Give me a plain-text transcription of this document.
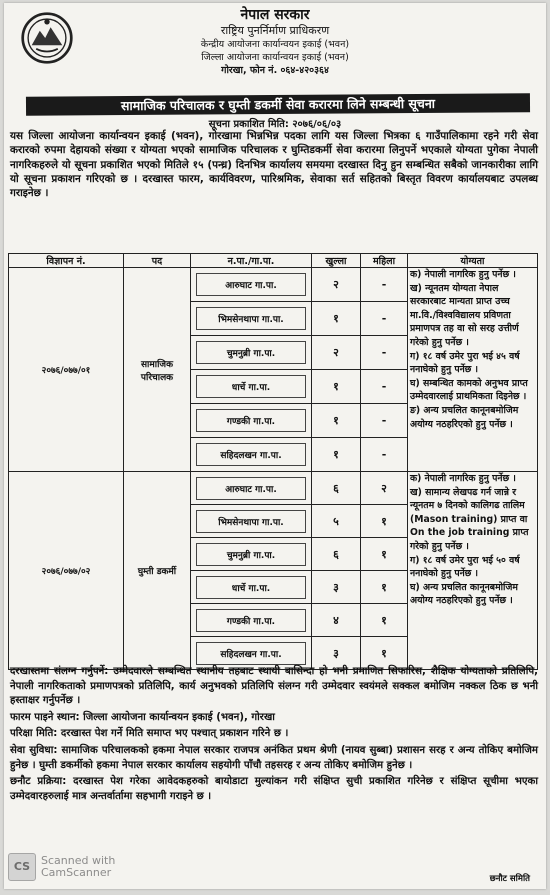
नेपाल सरकार
राष्ट्रिय पुनर्निर्माण प्राधिकरण
केन्द्रीय आयोजना कार्यान्वयन इकाई (भवन)
जिल्ला आयोजना कार्यान्वयन इकाई (भवन)
गोरखा, फोन नं. ०६४-४२०३६४
सामाजिक परिचालक र घुम्ती डकर्मी सेवा करारमा लिने सम्बन्धी सूचना
सूचना प्रकाशित मिति: २०७६/०६/०३
यस जिल्ला आयोजना कार्यान्वयन इकाई (भवन), गोरखामा भिन्नभिन्न पदका लागि यस जिल्ला भित्रका ६ गाउँपालिकामा रहने गरी सेवा करारको रुपमा देहायको संख्या र योग्यता भएको सामाजिक परिचालक र घुम्तिडकर्मी सेवा करारमा लिनुपर्ने भएकाले योग्यता पुगेका नेपाली नागरिकहरुले यो सूचना प्रकाशित भएको मितिले १५ (पन्ध्र) दिनभित्र कार्यालय समयमा दरखास्त दिनु हुन सम्बन्धित सबैको जानकारीका लागि यो सूचना प्रकाशन गरिएको छ । दरखास्त फारम, कार्यविवरण, पारिश्रमिक, सेवाका सर्त सहितको बिस्तृत विवरण कार्यालयबाट उपलब्ध गराइनेछ ।
विज्ञापन नं.	पद	न.पा./गा.पा.	खुल्ला	महिला	योग्यता
२०७६/०७७/०१	सामाजिक परिचालक	आरुघाट गा.पा.	२	-	क) नेपाली नागरिक हुनु पर्नेछ ।

ख) न्यूनतम योग्यता नेपाल सरकारबाट मान्यता प्राप्त उच्च मा.वि./विश्वविद्यालय प्रविणता प्रमाणपत्र तह वा सो सरह उत्तीर्ण गरेको हुनु पर्नेछ ।

ग) १८ वर्ष उमेर पुरा भई ४५ वर्ष ननाघेको हुनु पर्नेछ ।

घ) सम्बन्धित कामको अनुभव प्राप्त उम्मेदवारलाई प्राथमिकता दिइनेछ ।

ङ) अन्य प्रचलित कानूनबमोजिम अयोग्य नठहरिएको हुनु पर्नेछ ।

		भिमसेनथापा गा.पा.	१	-	

		चुमनुब्री गा.पा.	२	-	

		धार्चे गा.पा.	१	-	

		गण्डकी गा.पा.	१	-	

		सहिदलखन गा.पा.	१	-	
२०७६/०७७/०२	घुम्ती डकर्मी	आरुघाट गा.पा.	६	२	क) नेपाली नागरिक हुनु पर्नेछ ।

ख) सामान्य लेखपढ गर्न जान्ने र न्यूनतम ७ दिनको कालिगढ तालिम (Mason training) प्राप्त वा On the job training प्राप्त गरेको हुनु पर्नेछ ।

ग) १८ वर्ष उमेर पुरा भई ५० वर्ष ननाघेको हुनु पर्नेछ ।

घ) अन्य प्रचलित कानूनबमोजिम अयोग्य नठहरिएको हुनु पर्नेछ ।

		भिमसेनथापा गा.पा.	५	१	

		चुमनुब्री गा.पा.	६	१	

		धार्चे गा.पा.	३	१	

		गण्डकी गा.पा.	४	१	

		सहिदलखन गा.पा.	३	१	

दरखास्तमा संलग्न गर्नुपर्ने: उम्मेदवारले सम्बन्धित स्थानीय तहबाट स्थायी बासिन्दा हो भनी प्रमाणित सिफारिस, शैक्षिक योग्यताको प्रतिलिपि, नेपाली नागरिकताको प्रमाणपत्रको प्रतिलिपि, कार्य अनुभवको प्रतिलिपि संलग्न गरी उम्मेदवार स्वयंमले सक्कल बमोजिम नक्कल ठिक छ भनी हस्ताक्षर गर्नुपर्नेछ ।

फारम पाइने स्थान: जिल्ला आयोजना कार्यान्वयन इकाई (भवन), गोरखा

परिक्षा मिति: दरखास्त पेश गर्ने मिति समाप्त भए पश्चात् प्रकाशन गरिने छ ।

सेवा सुविधा: सामाजिक परिचालकको हकमा नेपाल सरकार राजपत्र अनंकित प्रथम श्रेणी (नायव सुब्बा) प्रशासन सरह र अन्य तोकिए बमोजिम हुनेछ । घुम्ती डकर्मीको हकमा नेपाल सरकार कार्यालय सहयोगी पाँचौ तहसरह र अन्य तोकिए बमोजिम हुनेछ ।

छनौट प्रक्रिया: दरखास्त पेश गरेका आवेदकहरुको बायोडाटा मुल्यांकन गरी संक्षिप्त सुची प्रकाशित गरिनेछ र संक्षिप्त सूचीमा भएका उम्मेदवारहरुलाई मात्र अन्तर्वार्तामा सहभागी गराइने छ ।

CS Scanned with
CamScanner	छनौट समिति
